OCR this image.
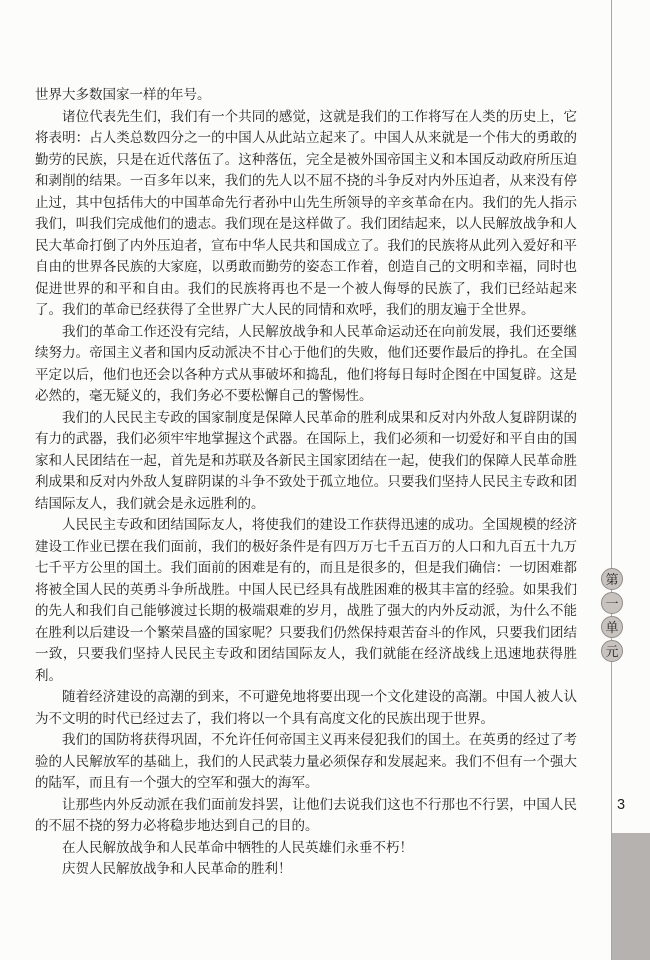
世界大多数国家一样的年号。

诸位代表先生们，我们有一个共同的感觉，这就是我们的工作将写在人类的历史上，它将表明：占人类总数四分之一的中国人从此站立起来了。中国人从来就是一个伟大的勇敢的勤劳的民族，只是在近代落伍了。这种落伍，完全是被外国帝国主义和本国反动政府所压迫和剥削的结果。一百多年以来，我们的先人以不屈不挠的斗争反对内外压迫者，从来没有停止过，其中包括伟大的中国革命先行者孙中山先生所领导的辛亥革命在内。我们的先人指示我们，叫我们完成他们的遗志。我们现在是这样做了。我们团结起来，以人民解放战争和人民大革命打倒了内外压迫者，宣布中华人民共和国成立了。我们的民族将从此列入爱好和平自由的世界各民族的大家庭，以勇敢而勤劳的姿态工作着，创造自己的文明和幸福，同时也促进世界的和平和自由。我们的民族将再也不是一个被人侮辱的民族了，我们已经站起来了。我们的革命已经获得了全世界广大人民的同情和欢呼，我们的朋友遍于全世界。

我们的革命工作还没有完结，人民解放战争和人民革命运动还在向前发展，我们还要继续努力。帝国主义者和国内反动派决不甘心于他们的失败，他们还要作最后的挣扎。在全国平定以后，他们也还会以各种方式从事破坏和捣乱，他们将每日每时企图在中国复辟。这是必然的，毫无疑义的，我们务必不要松懈自己的警惕性。

我们的人民民主专政的国家制度是保障人民革命的胜利成果和反对内外敌人复辟阴谋的有力的武器，我们必须牢牢地掌握这个武器。在国际上，我们必须和一切爱好和平自由的国家和人民团结在一起，首先是和苏联及各新民主国家团结在一起，使我们的保障人民革命胜利成果和反对内外敌人复辟阴谋的斗争不致处于孤立地位。只要我们坚持人民民主专政和团结国际友人，我们就会是永远胜利的。

人民民主专政和团结国际友人，将使我们的建设工作获得迅速的成功。全国规模的经济建设工作业已摆在我们面前，我们的极好条件是有四万万七千五百万的人口和九百五十九万七千平方公里的国土。我们面前的困难是有的，而且是很多的，但是我们确信：一切困难都将被全国人民的英勇斗争所战胜。中国人民已经具有战胜困难的极其丰富的经验。如果我们的先人和我们自己能够渡过长期的极端艰难的岁月，战胜了强大的内外反动派，为什么不能在胜利以后建设一个繁荣昌盛的国家呢？只要我们仍然保持艰苦奋斗的作风，只要我们团结一致，只要我们坚持人民民主专政和团结国际友人，我们就能在经济战线上迅速地获得胜利。

随着经济建设的高潮的到来，不可避免地将要出现一个文化建设的高潮。中国人被人认为不文明的时代已经过去了，我们将以一个具有高度文化的民族出现于世界。

我们的国防将获得巩固，不允许任何帝国主义再来侵犯我们的国土。在英勇的经过了考验的人民解放军的基础上，我们的人民武装力量必须保存和发展起来。我们不但有一个强大的陆军，而且有一个强大的空军和强大的海军。

让那些内外反动派在我们面前发抖罢，让他们去说我们这也不行那也不行罢，中国人民的不屈不挠的努力必将稳步地达到自己的目的。

在人民解放战争和人民革命中牺牲的人民英雄们永垂不朽！

庆贺人民解放战争和人民革命的胜利！

第
一
单
元
3
